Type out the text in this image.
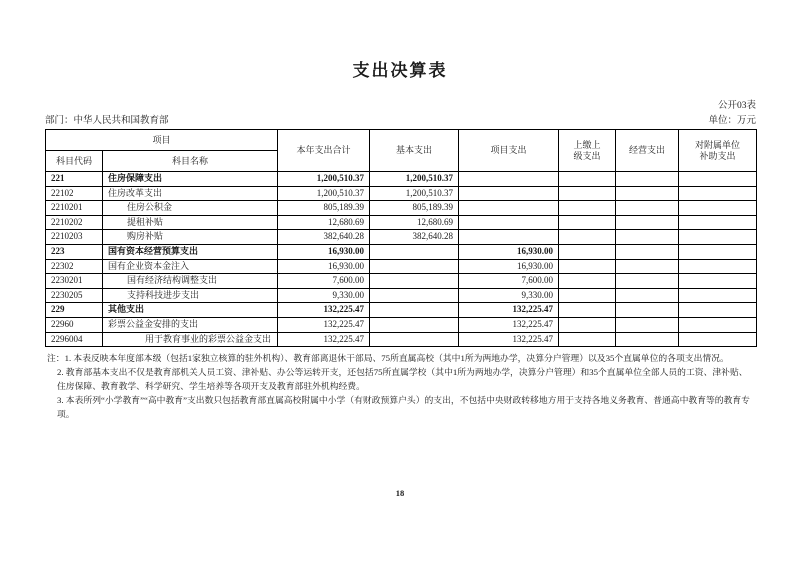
支出决算表
公开03表
部门：中华人民共和国教育部	单位：万元
项目		本年支出合计	基本支出	项目支出	上缴上
级支出	经营支出	对附属单位
补助支出
科目代码	科目名称						
221	住房保障支出	1,200,510.37	1,200,510.37				
22102	住房改革支出	1,200,510.37	1,200,510.37				
2210201	住房公积金	805,189.39	805,189.39				
2210202	提租补贴	12,680.69	12,680.69				
2210203	购房补贴	382,640.28	382,640.28				
223	国有资本经营预算支出	16,930.00		16,930.00			
22302	国有企业资本金注入	16,930.00		16,930.00			
2230201	国有经济结构调整支出	7,600.00		7,600.00			
2230205	支持科技进步支出	9,330.00		9,330.00			
229	其他支出	132,225.47		132,225.47			
22960	彩票公益金安排的支出	132,225.47		132,225.47			
2296004	用于教育事业的彩票公益金支出	132,225.47		132,225.47			

注：1. 本表反映本年度部本级（包括1家独立核算的驻外机构）、教育部离退休干部局、75所直属高校（其中1所为两地办学，决算分户管理）以及35个直属单位的各项支出情况。

2. 教育部基本支出不仅是教育部机关人员工资、津补贴、办公等运转开支，还包括75所直属学校（其中1所为两地办学，决算分户管理）和35个直属单位全部人员的工资、津补贴、住房保障、教育教学、科学研究、学生培养等各项开支及教育部驻外机构经费。

3. 本表所列“小学教育”“高中教育”支出数只包括教育部直属高校附属中小学（有财政预算户头）的支出，不包括中央财政转移地方用于支持各地义务教育、普通高中教育等的教育专项。

18
